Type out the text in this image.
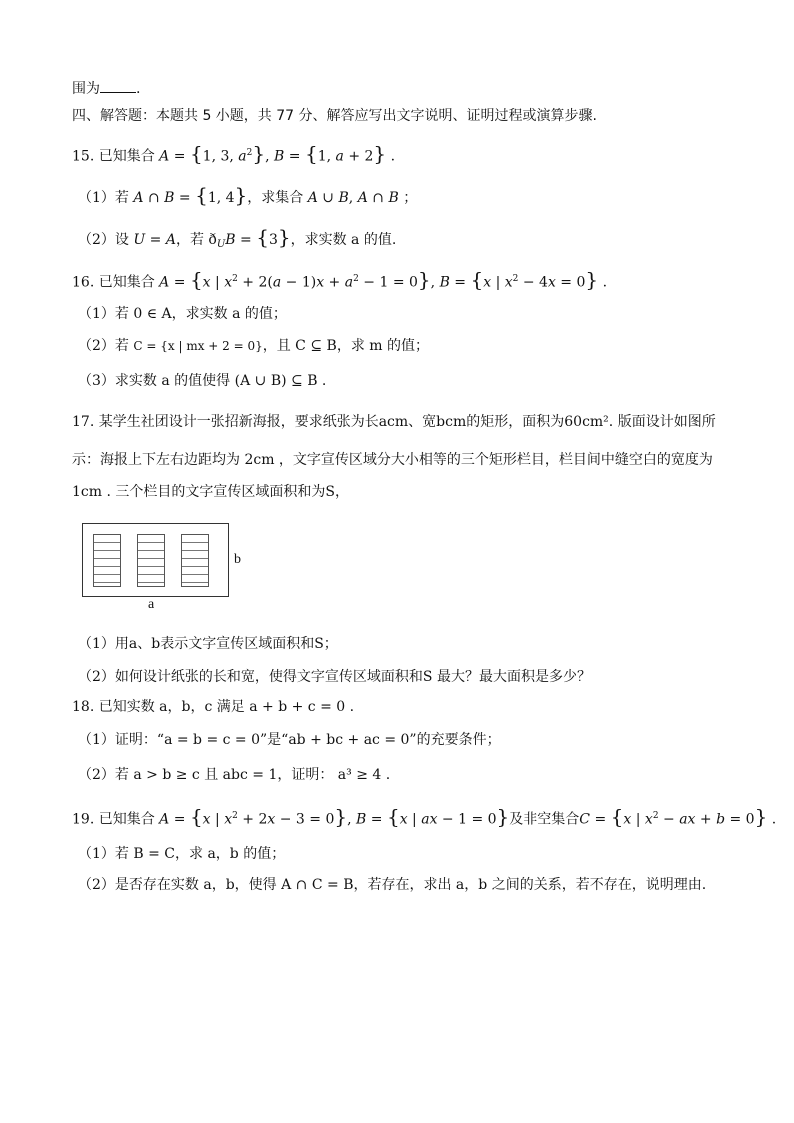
围为	.
四、解答题：本题共 5 小题，共 77 分、解答应写出文字说明、证明过程或演算步骤.
15. 已知集合 A = {1, 3, $a^2$}, B = {1, a + 2} .
（1）若 A ∩ B = {1, 4}，求集合 A ∪ B, A ∩ B ；
（2）设 U = A，若 $ð_UB = \{3\}$，求实数 a 的值.
16. 已知集合 A = {x | $x^2 + 2(a - 1)x + a^2 - 1 = 0$}, B = {x | $x^2 - 4x = 0$} .
（1）若 0 ∈ A，求实数 a 的值；
（2）若 C = {x | mx + 2 = 0}，且 C ⊆ B，求 m 的值；
（3）求实数 a 的值使得 (A ∪ B) ⊆ B .
17. 某学生社团设计一张招新海报，要求纸张为长acm、宽bcm的矩形，面积为60cm². 版面设计如图所
示：海报上下左右边距均为 2cm ，文字宣传区域分大小相等的三个矩形栏目，栏目间中缝空白的宽度为
1cm . 三个栏目的文字宣传区域面积和为S，
b
a
（1）用a、b表示文字宣传区域面积和S；
（2）如何设计纸张的长和宽，使得文字宣传区域面积和S 最大？最大面积是多少？
18. 已知实数 a，b，c 满足 a + b + c = 0 .
（1）证明：“a = b = c = 0”是“ab + bc + ac = 0”的充要条件；
（2）若 a > b ≥ c 且 abc = 1，证明： a³ ≥ 4 .
19. 已知集合 A = {x | $x^2 + 2x - 3 = 0$}, B = {x | ax − 1 = 0}及非空集合C = {x | $x^2$ − ax + b = 0} .
（1）若 B = C，求 a，b 的值；
（2）是否存在实数 a，b，使得 A ∩ C = B，若存在，求出 a，b 之间的关系，若不存在，说明理由.
